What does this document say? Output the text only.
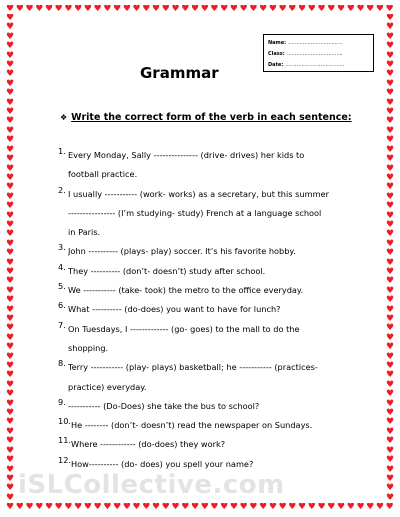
♥ ♥ ♥ ♥ ♥ ♥ ♥ ♥ ♥ ♥ ♥ ♥ ♥ ♥ ♥ ♥ ♥ ♥ ♥ ♥ ♥ ♥ ♥ ♥ ♥ ♥ ♥ ♥ ♥ ♥ ♥ ♥ ♥ ♥ ♥ ♥ ♥ ♥ ♥ ♥
♥ ♥ ♥ ♥ ♥ ♥ ♥ ♥ ♥ ♥ ♥ ♥ ♥ ♥ ♥ ♥ ♥ ♥ ♥ ♥ ♥ ♥ ♥ ♥ ♥ ♥ ♥ ♥ ♥ ♥ ♥ ♥ ♥ ♥ ♥ ♥ ♥ ♥ ♥ ♥
♥
♥
♥
♥
♥
♥
♥
♥
♥
♥
♥
♥
♥
♥
♥
♥
♥
♥
♥
♥
♥
♥
♥
♥
♥
♥
♥
♥
♥
♥
♥
♥
♥
♥
♥
♥
♥
♥
♥
♥
♥
♥
♥
♥
♥
♥
♥
♥
♥
♥
♥
♥
♥
♥
♥
♥
♥
♥
♥
♥
♥
♥
♥
♥
♥
♥
♥
♥
♥
♥
♥
♥
♥
♥
♥
♥
♥
♥
♥
♥
♥
♥
♥
♥
♥
♥
♥
♥
♥
♥
♥
♥
♥
♥
♥
♥
♥
♥
♥
♥
♥
♥
♥
♥
Name: …………………………….
Class: ……………………………..
Date: …………………………….…
Grammar
❖ Write the correct form of the verb in each sentence:
1. Every Monday, Sally --------------- (drive- drives) her kids to
football practice.
2. I usually ----------- (work- works) as a secretary, but this summer
---------------- (I’m studying- study) French at a language school
in Paris.
3. John ---------- (plays- play) soccer. It’s his favorite hobby.
4. They ---------- (don’t- doesn’t) study after school.
5. We ----------- (take- took) the metro to the office everyday.
6. What ---------- (do-does) you want to have for lunch?
7. On Tuesdays, I ------------- (go- goes) to the mall to do the
shopping.
8. Terry ----------- (play- plays) basketball; he ----------- (practices-
practice) everyday.
9. ----------- (Do-Does) she take the bus to school?
10. He -------- (don’t- doesn’t) read the newspaper on Sundays.
11. Where ------------ (do-does) they work?
12. How---------- (do- does) you spell your name?
iSLCollective.com
